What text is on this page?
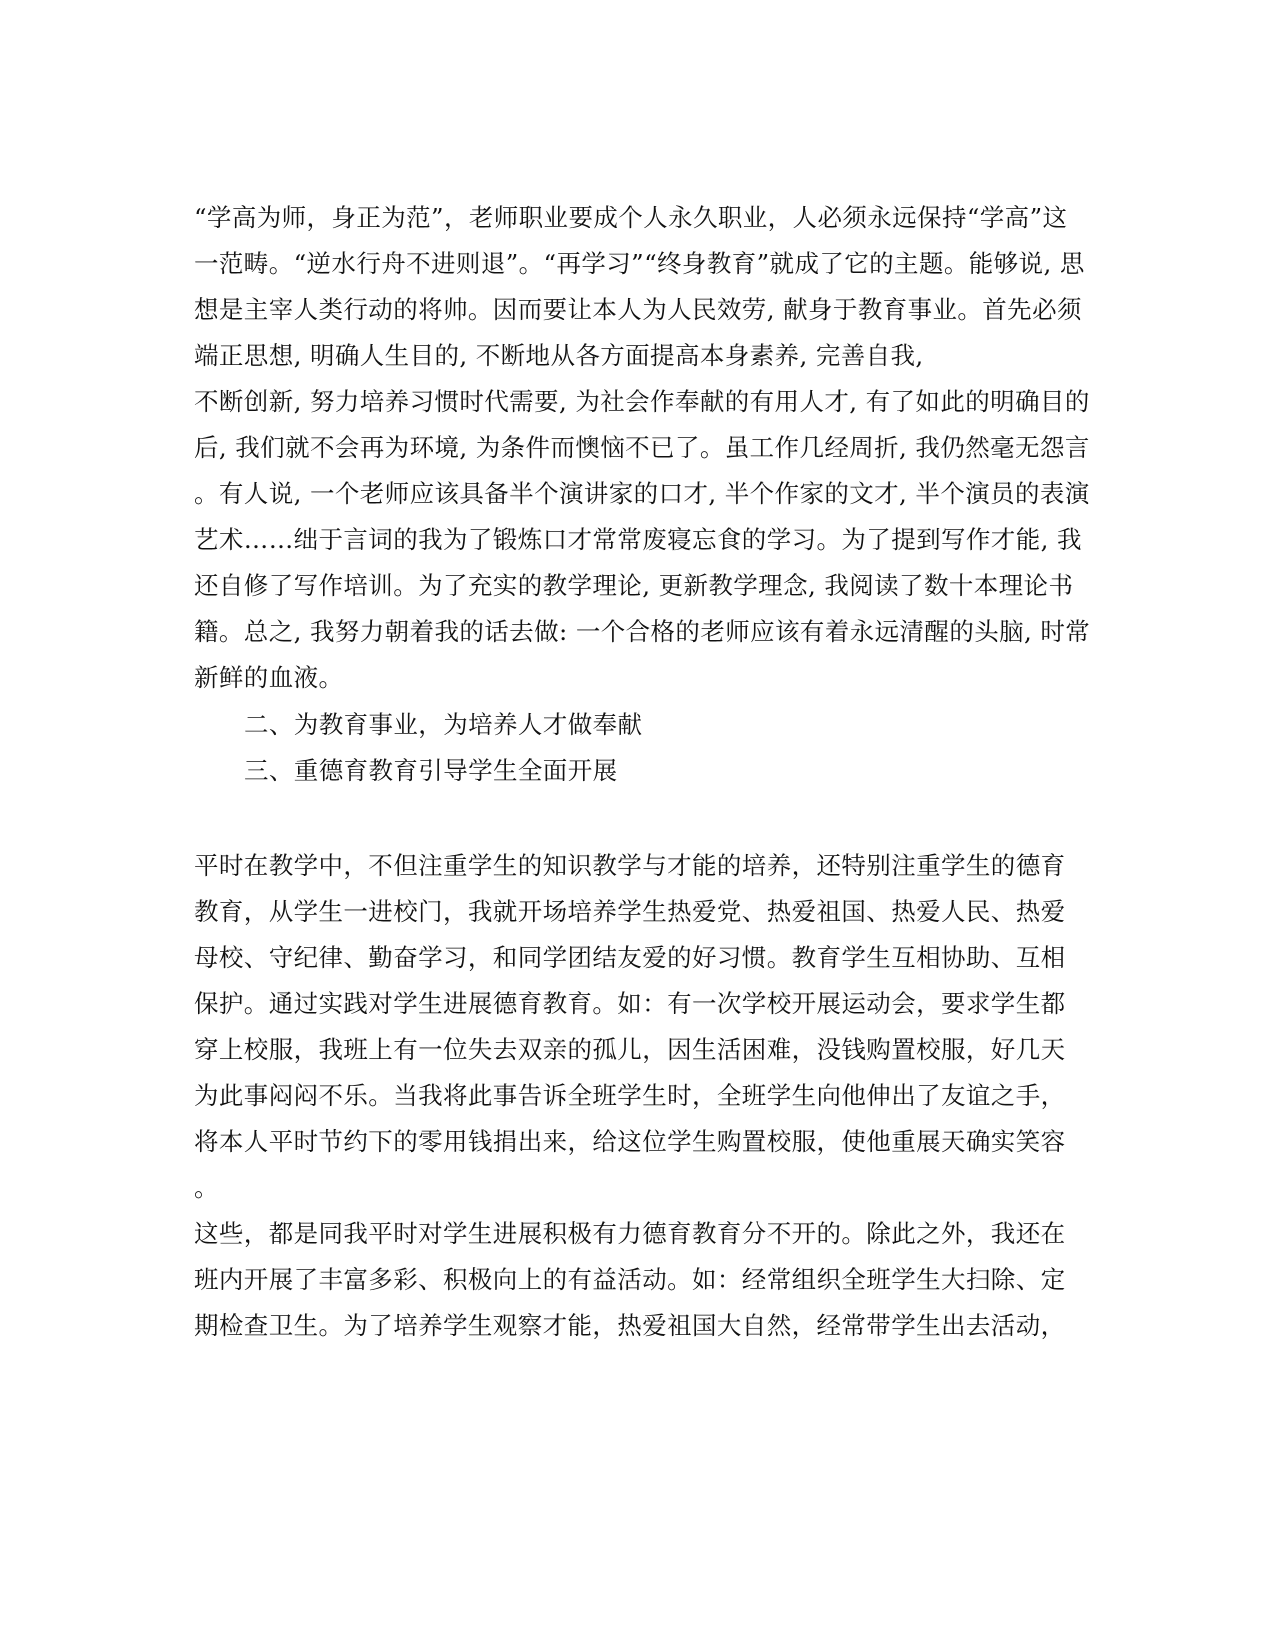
“学高为师，身正为范”，老师职业要成个人永久职业，人必须永远保持“学高”这
一范畴。“逆水行舟不进则退”。“再学习”“终身教育”就成了它的主题。能够说, 思
想是主宰人类行动的将帅。因而要让本人为人民效劳, 献身于教育事业。首先必须
端正思想, 明确人生目的, 不断地从各方面提高本身素养, 完善自我,
不断创新, 努力培养习惯时代需要, 为社会作奉献的有用人才, 有了如此的明确目的
后, 我们就不会再为环境, 为条件而懊恼不已了。虽工作几经周折, 我仍然毫无怨言
。有人说, 一个老师应该具备半个演讲家的口才, 半个作家的文才, 半个演员的表演
艺术……绌于言词的我为了锻炼口才常常废寝忘食的学习。为了提到写作才能, 我
还自修了写作培训。为了充实的教学理论, 更新教学理念, 我阅读了数十本理论书
籍。总之, 我努力朝着我的话去做: 一个合格的老师应该有着永远清醒的头脑, 时常
新鲜的血液。
二、为教育事业，为培养人才做奉献
三、重德育教育引导学生全面开展
平时在教学中，不但注重学生的知识教学与才能的培养，还特别注重学生的德育
教育，从学生一进校门，我就开场培养学生热爱党、热爱祖国、热爱人民、热爱
母校、守纪律、勤奋学习，和同学团结友爱的好习惯。教育学生互相协助、互相
保护。通过实践对学生进展德育教育。如：有一次学校开展运动会，要求学生都
穿上校服，我班上有一位失去双亲的孤儿，因生活困难，没钱购置校服，好几天
为此事闷闷不乐。当我将此事告诉全班学生时，全班学生向他伸出了友谊之手，
将本人平时节约下的零用钱捐出来，给这位学生购置校服，使他重展天确实笑容
。
这些，都是同我平时对学生进展积极有力德育教育分不开的。除此之外，我还在
班内开展了丰富多彩、积极向上的有益活动。如：经常组织全班学生大扫除、定
期检查卫生。为了培养学生观察才能，热爱祖国大自然，经常带学生出去活动，
